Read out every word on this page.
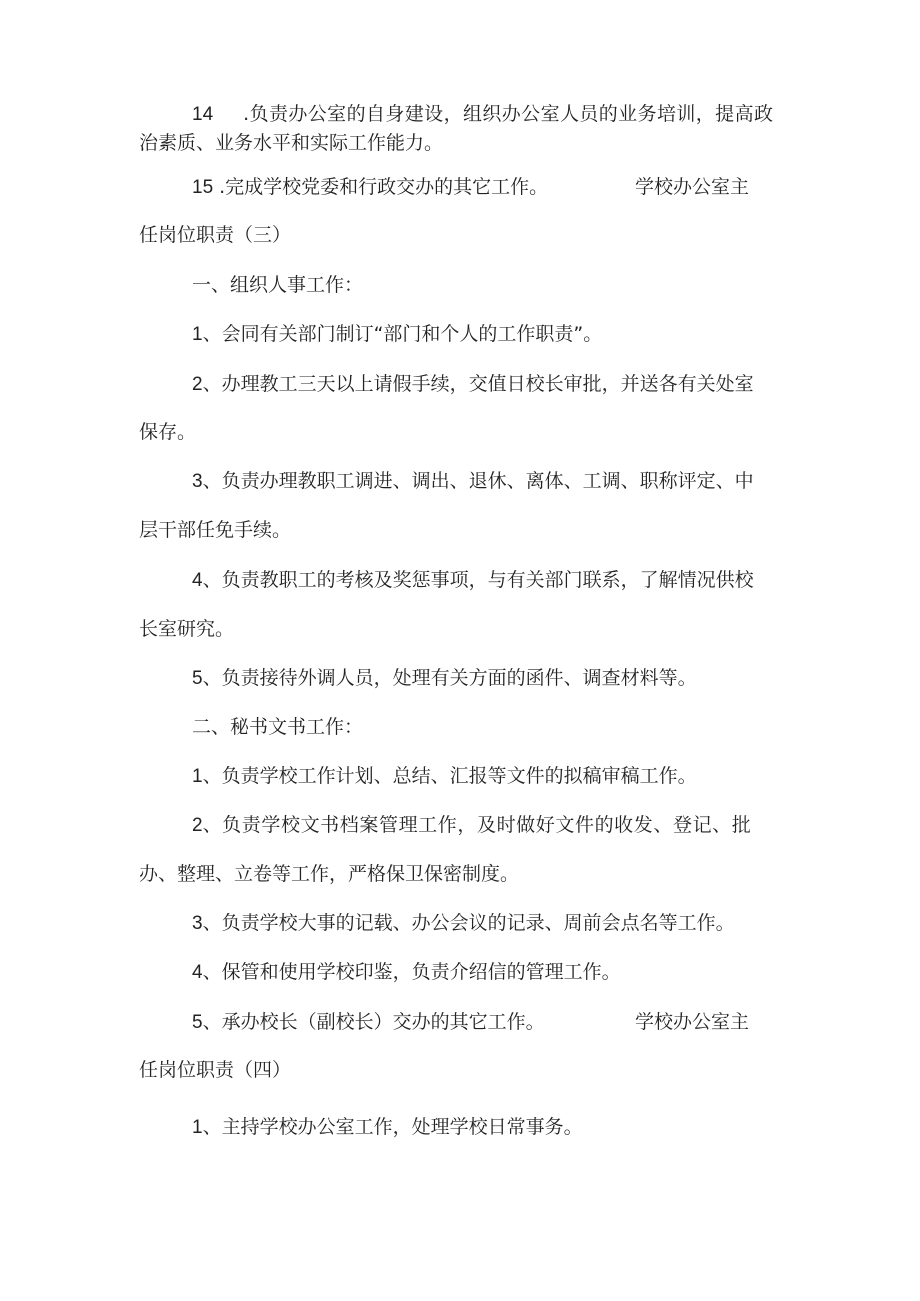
14 .负责办公室的自身建设，组织办公室人员的业务培训，提高政
治素质、业务水平和实际工作能力。
15 .完成学校党委和行政交办的其它工作。	学校办公室主
任岗位职责（三）
一、组织人事工作：
1、会同有关部门制订“部门和个人的工作职责”。
2、办理教工三天以上请假手续，交值日校长审批，并送各有关处室
保存。
3、负责办理教职工调进、调出、退休、离体、工调、职称评定、中
层干部任免手续。
4、负责教职工的考核及奖惩事项，与有关部门联系，了解情况供校
长室研究。
5、负责接待外调人员，处理有关方面的函件、调查材料等。
二、秘书文书工作：
1、负责学校工作计划、总结、汇报等文件的拟稿审稿工作。
2、负责学校文书档案管理工作，及时做好文件的收发、登记、批
办、整理、立卷等工作，严格保卫保密制度。
3、负责学校大事的记载、办公会议的记录、周前会点名等工作。
4、保管和使用学校印鉴，负责介绍信的管理工作。
5、承办校长（副校长）交办的其它工作。	学校办公室主
任岗位职责（四）
1、主持学校办公室工作，处理学校日常事务。
